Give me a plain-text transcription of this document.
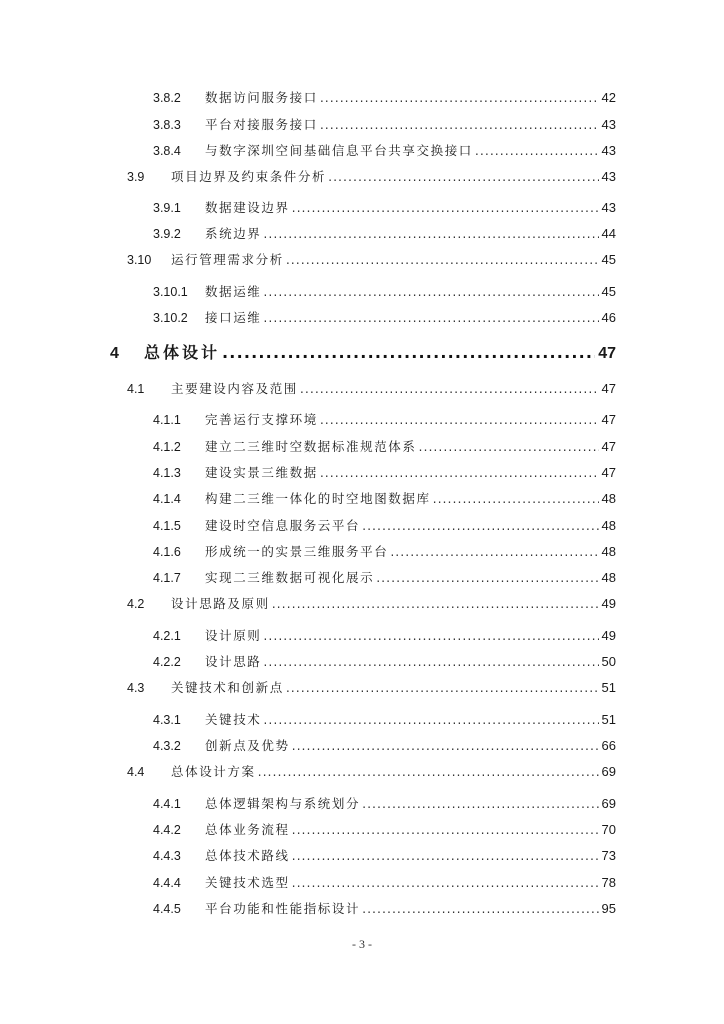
3.8.2	数据访问服务接口 .....	42
3.8.3	平台对接服务接口 .....	43
3.8.4	与数字深圳空间基础信息平台共享交换接口 .....	43
3.9	项目边界及约束条件分析 .....	43
3.9.1	数据建设边界 .....	43
3.9.2	系统边界 .....	44
3.10	运行管理需求分析 .....	45
3.10.1	数据运维 .....	45
3.10.2	接口运维 .....	46
4	总体设计 .....	47
4.1	主要建设内容及范围 .....	47
4.1.1	完善运行支撑环境 .....	47
4.1.2	建立二三维时空数据标准规范体系 .....	47
4.1.3	建设实景三维数据 .....	47
4.1.4	构建二三维一体化的时空地图数据库 .....	48
4.1.5	建设时空信息服务云平台 .....	48
4.1.6	形成统一的实景三维服务平台 .....	48
4.1.7	实现二三维数据可视化展示 .....	48
4.2	设计思路及原则 .....	49
4.2.1	设计原则 .....	49
4.2.2	设计思路 .....	50
4.3	关键技术和创新点 .....	51
4.3.1	关键技术 .....	51
4.3.2	创新点及优势 .....	66
4.4	总体设计方案 .....	69
4.4.1	总体逻辑架构与系统划分 .....	69
4.4.2	总体业务流程 .....	70
4.4.3	总体技术路线 .....	73
4.4.4	关键技术选型 .....	78
4.4.5	平台功能和性能指标设计 .....	95
- 3 -
